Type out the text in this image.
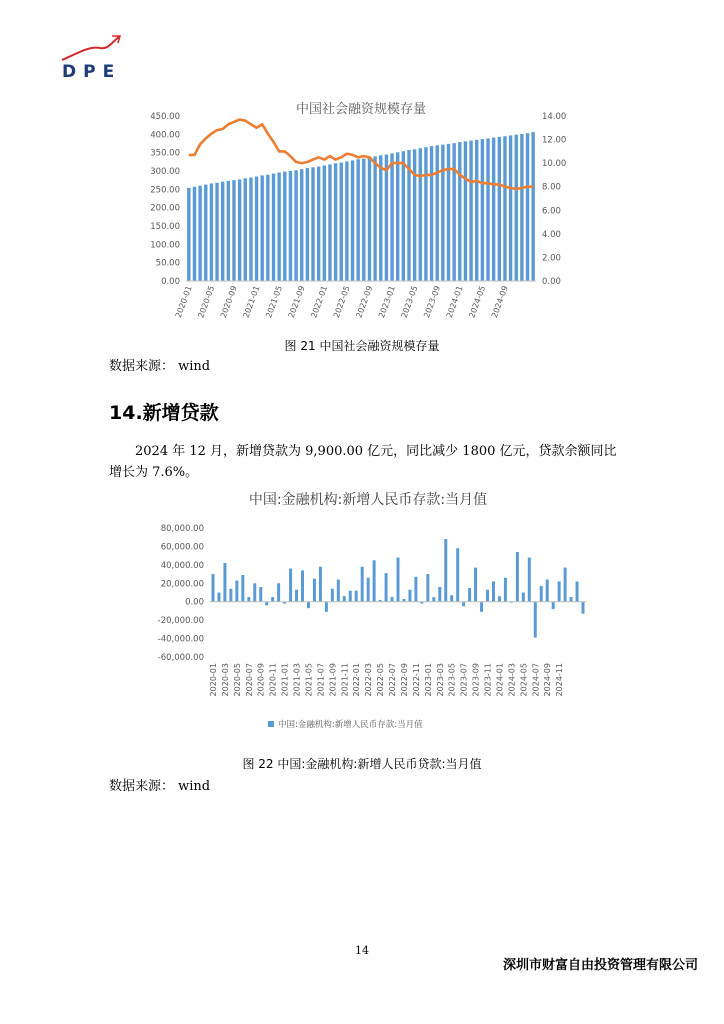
DPE
中国社会融资规模存量
0.00
50.00
100.00
150.00
200.00
250.00
300.00
350.00
400.00
450.00
0.00
2.00
4.00
6.00
8.00
10.00
12.00
14.00
2020-01 2020-05 2020-09 2021-01 2021-05 2021-09 2022-01 2022-05 2022-09 2023-01 2023-05 2023-09 2024-01 2024-05 2024-09
图 21 中国社会融资规模存量
数据来源： wind
14.新增贷款
2024 年 12 月，新增贷款为 9,900.00 亿元，同比减少 1800 亿元，贷款余额同比增长为 7.6%。
中国:金融机构:新增人民币存款:当月值
-60,000.00
-40,000.00
-20,000.00
0.00
20,000.00
40,000.00
60,000.00
80,000.00
2020-01 2020-03 2020-05 2020-07 2020-09 2020-11 2021-01 2021-03 2021-05 2021-07 2021-09 2021-11 2022-01 2022-03 2022-05 2022-07 2022-09 2022-11 2023-01 2023-03 2023-05 2023-07 2023-09 2023-11 2024-01 2024-03 2024-05 2024-07 2024-09 2024-11
中国:金融机构:新增人民币存款:当月值
图 22 中国:金融机构:新增人民币贷款:当月值
数据来源： wind
14
深圳市财富自由投资管理有限公司
